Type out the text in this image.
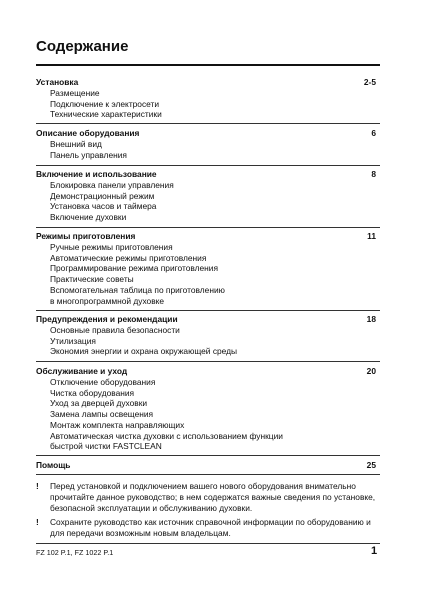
Содержание
Установка	2-5
Размещение
Подключение к электросети
Технические характеристики
Описание оборудования	6
Внешний вид
Панель управления
Включение и использование	8
Блокировка панели управления
Демонстрационный режим
Установка часов и таймера
Включение духовки
Режимы приготовления	11
Ручные режимы приготовления
Автоматические режимы приготовления
Программирование режима приготовления
Практические советы
Вспомогательная таблица по приготовлению
в многопрограммной духовке
Предупреждения и рекомендации	18
Основные правила безопасности
Утилизация
Экономия энергии и охрана окружающей среды
Обслуживание и уход	20
Отключение оборудования
Чистка оборудования
Уход за дверцей духовки
Замена лампы освещения
Монтаж комплекта направляющих
Автоматическая чистка духовки с использованием функции
быстрой чистки FASTCLEAN
Помощь	25
!	Перед установкой и подключением вашего нового оборудования внимательно прочитайте данное руководство; в нем содержатся важные сведения по установке, безопасной эксплуатации и обслуживанию духовки.
!	Сохраните руководство как источник справочной информации по оборудованию и для передачи возможным новым владельцам.
FZ 102 P.1, FZ 1022 P.1	1
